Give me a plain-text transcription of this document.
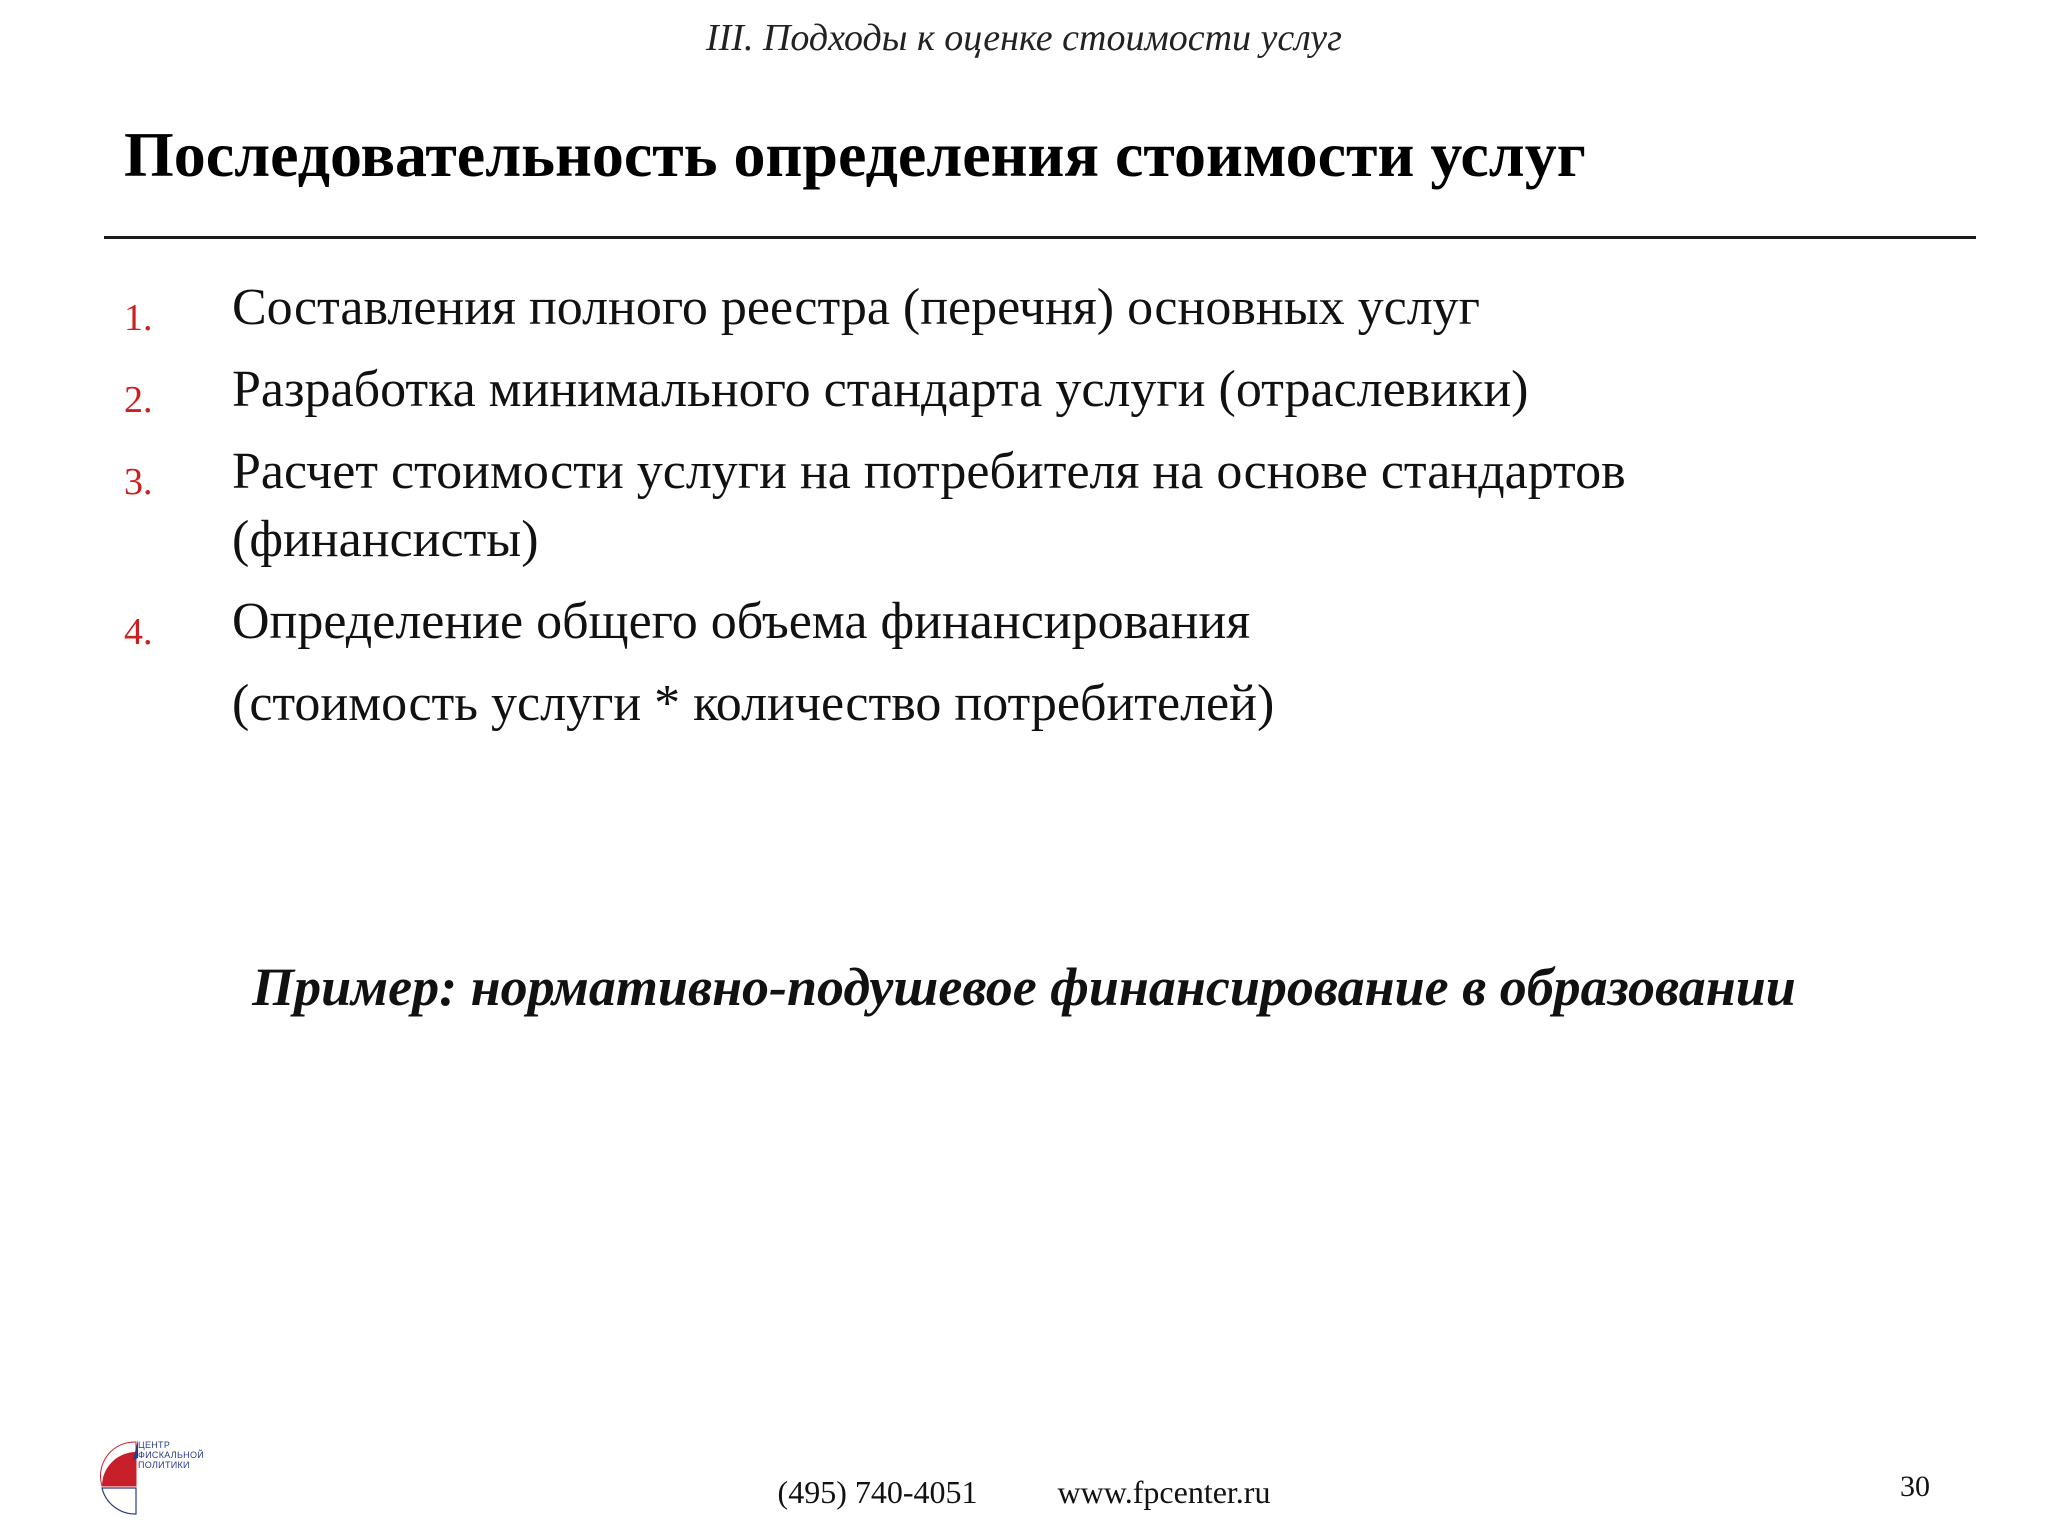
III. Подходы к оценке стоимости услуг
Последовательность определения стоимости услуг
1. Составления полного реестра (перечня) основных услуг
2. Разработка минимального стандарта услуги (отраслевики)
3. Расчет стоимости услуги на потребителя на основе стандартов (финансисты)
4. Определение общего объема финансирования
(стоимость услуги * количество потребителей)
Пример: нормативно-подушевое финансирование в образовании
ЦЕНТР
ФИСКАЛЬНОЙ
ПОЛИТИКИ
(495) 740-4051	www.fpcenter.ru	30
